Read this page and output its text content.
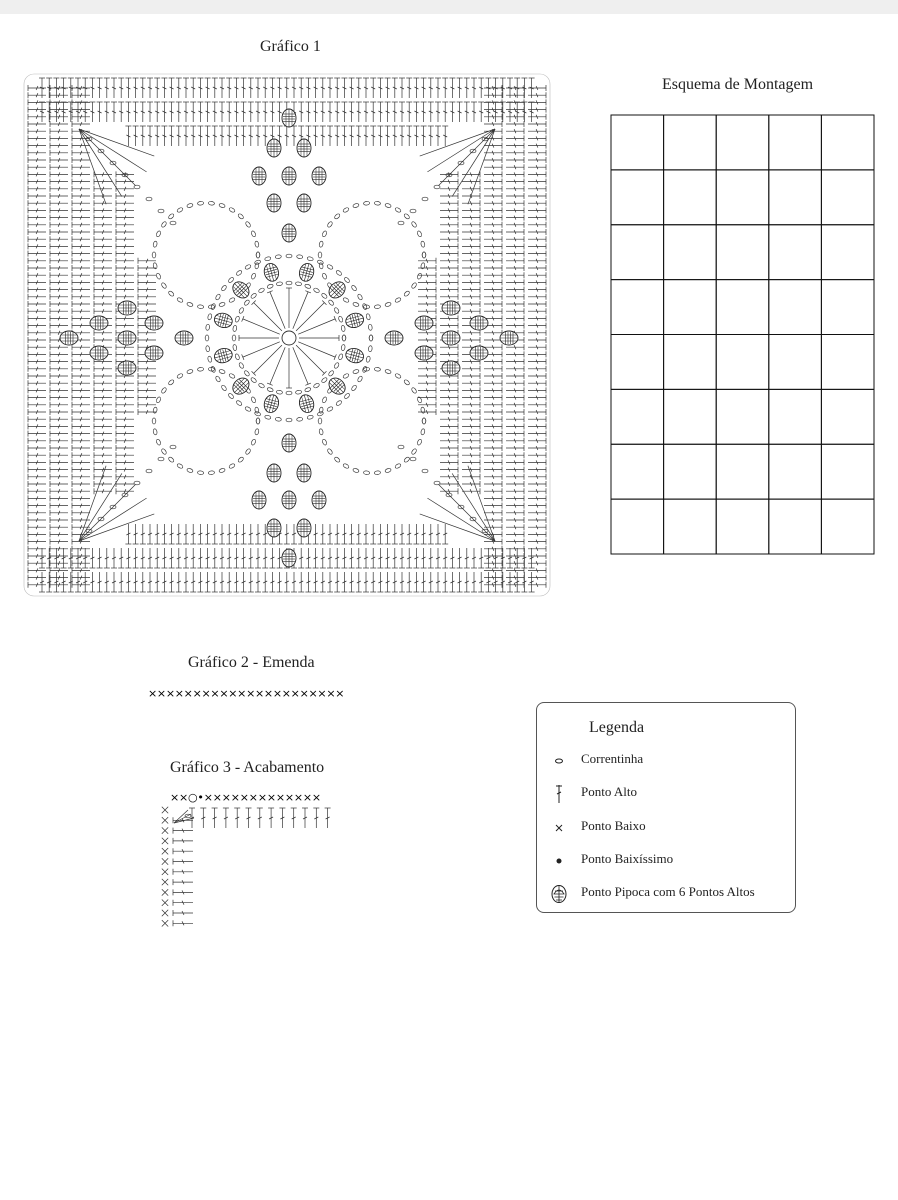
Gráfico 1
Esquema de Montagem
Gráfico 2 - Emenda
××××××××××××××××××××××
Gráfico 3 - Acabamento
××○•×××××××××××××
Legenda
Correntinha
Ponto Alto
Ponto Baixo
Ponto Baixíssimo
Ponto Pipoca com 6 Pontos Altos
